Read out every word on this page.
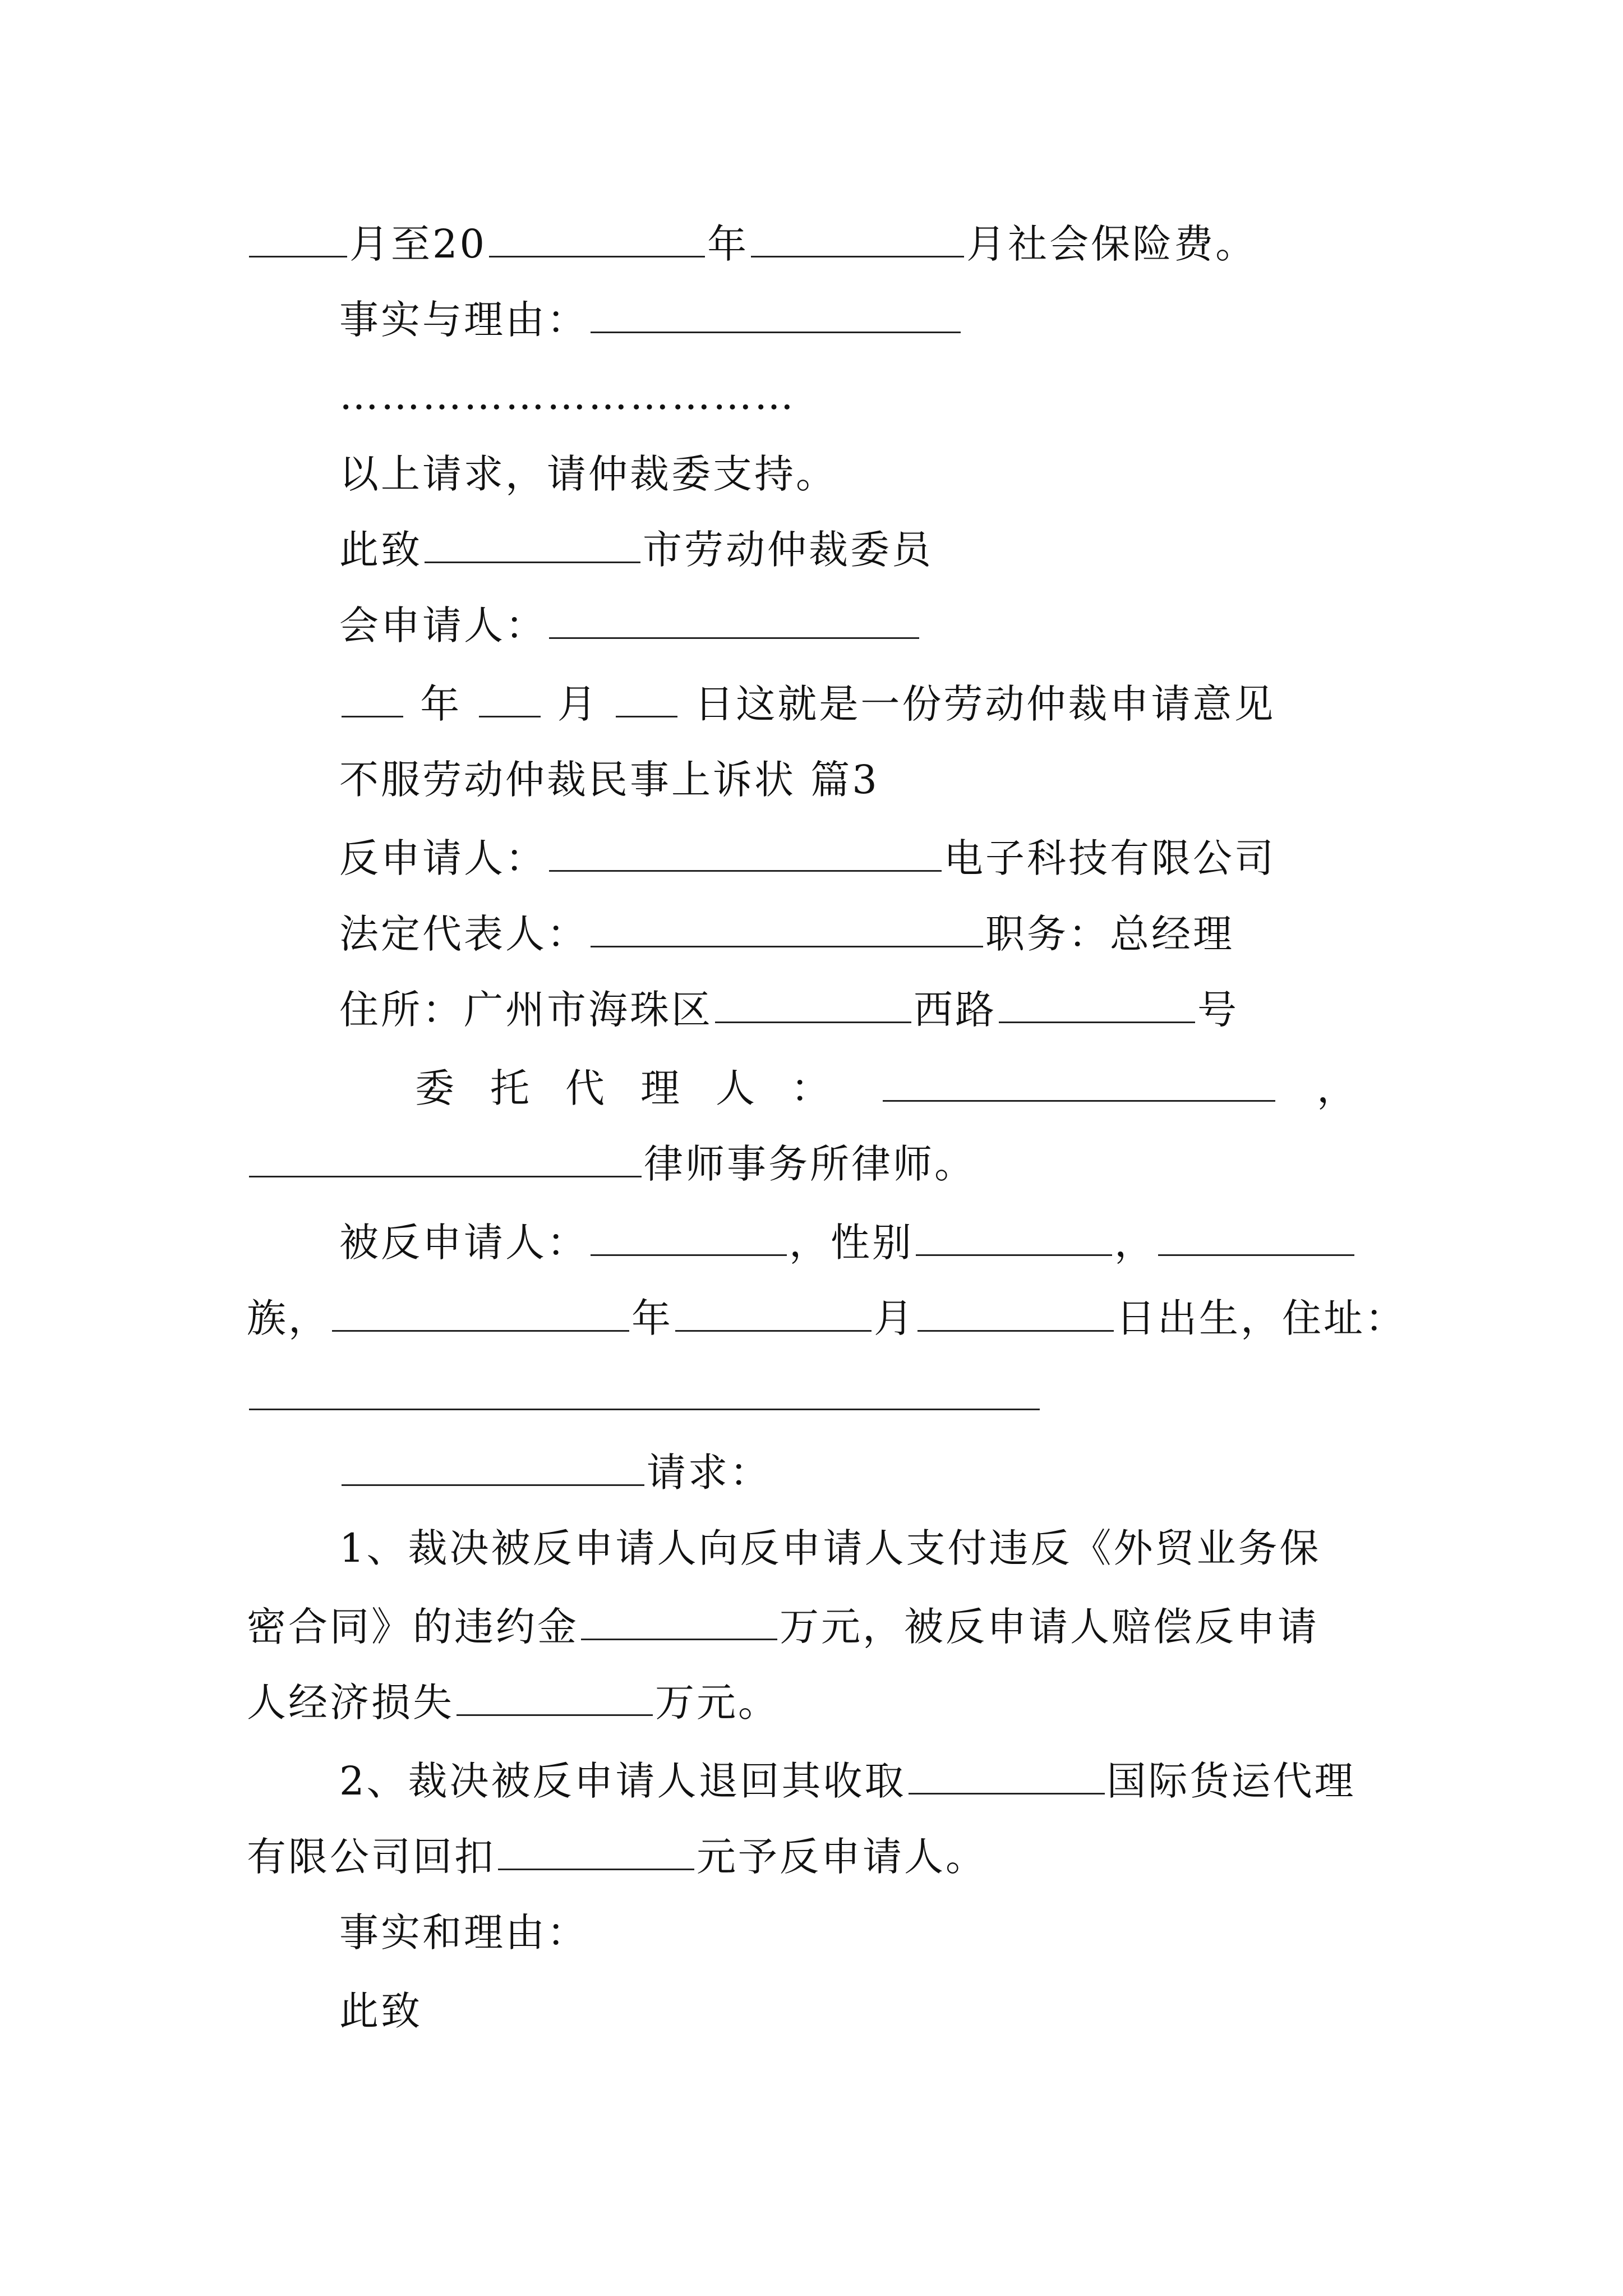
月至20	年	月社会保险费。
事实与理由：
……………………………
以上请求，请仲裁委支持。
此致	市劳动仲裁委员
会申请人：
年 月 日这就是一份劳动仲裁申请意见
不服劳动仲裁民事上诉状 篇3
反申请人：	电子科技有限公司
法定代表人：	职务：总经理
住所：广州市海珠区	西路	号
委托代理人：	，
律师事务所律师。
被反申请人：	，性别	，
族，	年	月	日出生，住址：
请求：
1、裁决被反申请人向反申请人支付违反《外贸业务保
密合同》的违约金	万元，被反申请人赔偿反申请
人经济损失	万元。
2、裁决被反申请人退回其收取	国际货运代理
有限公司回扣	元予反申请人。
事实和理由：
此致
